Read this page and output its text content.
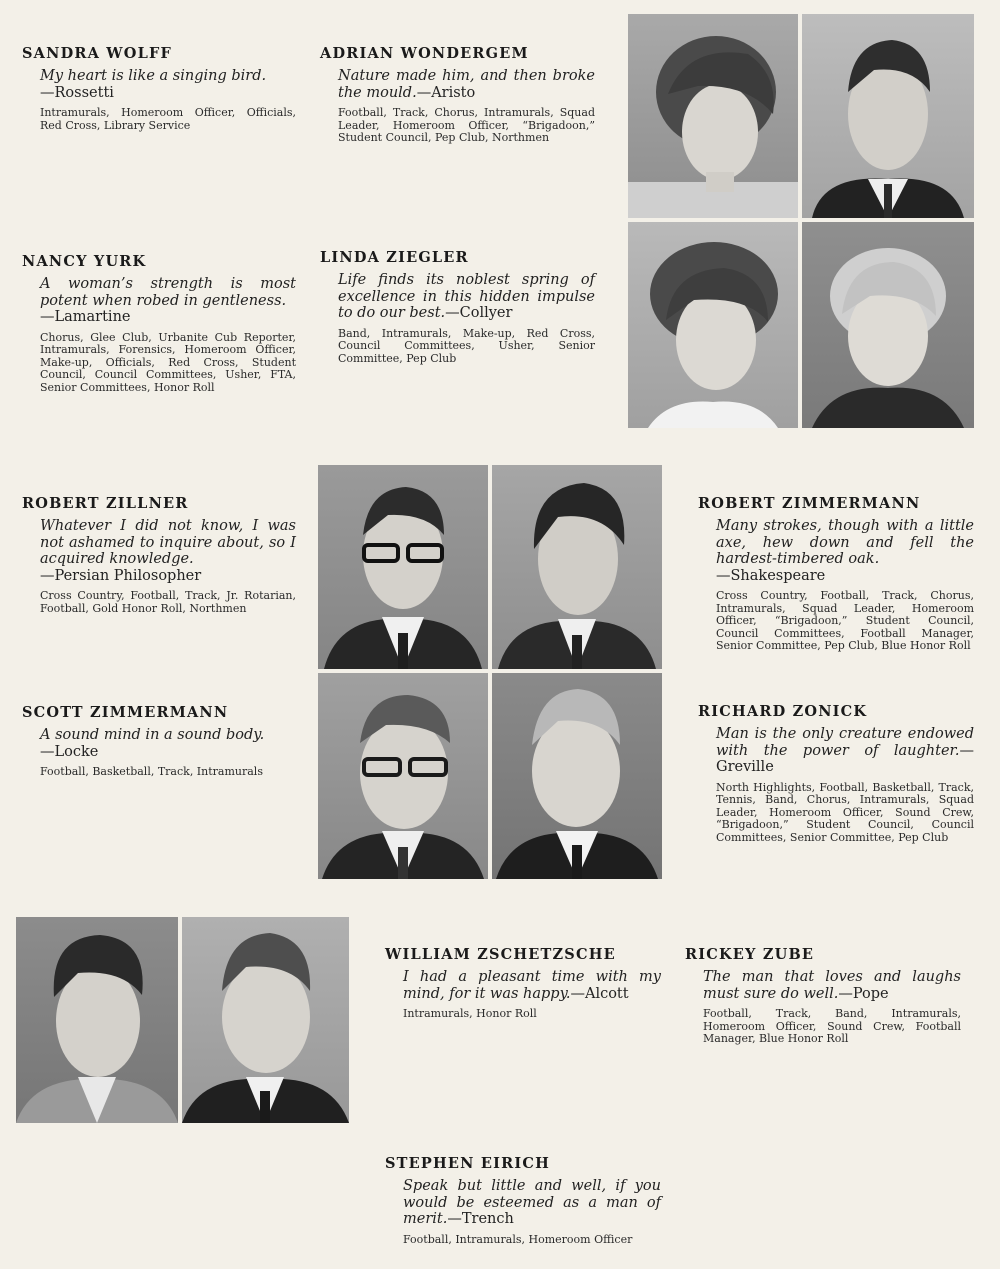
SANDRA WOLFF
My heart is like a singing bird.
—Rossetti
Intramurals, Homeroom Officer, Officials, Red Cross, Library Service
ADRIAN WONDERGEM
Nature made him, and then broke the mould.—Aristo
Football, Track, Chorus, Intramurals, Squad Leader, Homeroom Officer, “Brigadoon,” Student Council, Pep Club, Northmen
NANCY YURK
A woman’s strength is most potent when robed in gentleness.
—Lamartine
Chorus, Glee Club, Urbanite Cub Reporter, Intramurals, Forensics, Homeroom Officer, Make-up, Officials, Red Cross, Student Council, Council Committees, Usher, FTA, Senior Committees, Honor Roll
LINDA ZIEGLER
Life finds its noblest spring of excellence in this hidden impulse to do our best.—Collyer
Band, Intramurals, Make-up, Red Cross, Council Committees, Usher, Senior Committee, Pep Club
ROBERT ZILLNER
Whatever I did not know, I was not ashamed to inquire about, so I acquired knowledge.
—Persian Philosopher
Cross Country, Football, Track, Jr. Rotarian, Football, Gold Honor Roll, Northmen
ROBERT ZIMMERMANN
Many strokes, though with a little axe, hew down and fell the hardest-timbered oak.
—Shakespeare
Cross Country, Football, Track, Chorus, Intramurals, Squad Leader, Homeroom Officer, “Brigadoon,” Student Council, Council Committees, Football Manager, Senior Committee, Pep Club, Blue Honor Roll
SCOTT ZIMMERMANN
A sound mind in a sound body.
—Locke
Football, Basketball, Track, Intramurals
RICHARD ZONICK
Man is the only creature endowed with the power of laughter.—Greville
North Highlights, Football, Basketball, Track, Tennis, Band, Chorus, Intramurals, Squad Leader, Homeroom Officer, Sound Crew, “Brigadoon,” Student Council, Council Committees, Senior Committee, Pep Club
WILLIAM ZSCHETZSCHE
I had a pleasant time with my mind, for it was happy.—Alcott
Intramurals, Honor Roll
RICKEY ZUBE
The man that loves and laughs must sure do well.—Pope
Football, Track, Band, Intramurals, Homeroom Officer, Sound Crew, Football Manager, Blue Honor Roll
STEPHEN EIRICH
Speak but little and well, if you would be esteemed as a man of merit.—Trench
Football, Intramurals, Homeroom Officer
